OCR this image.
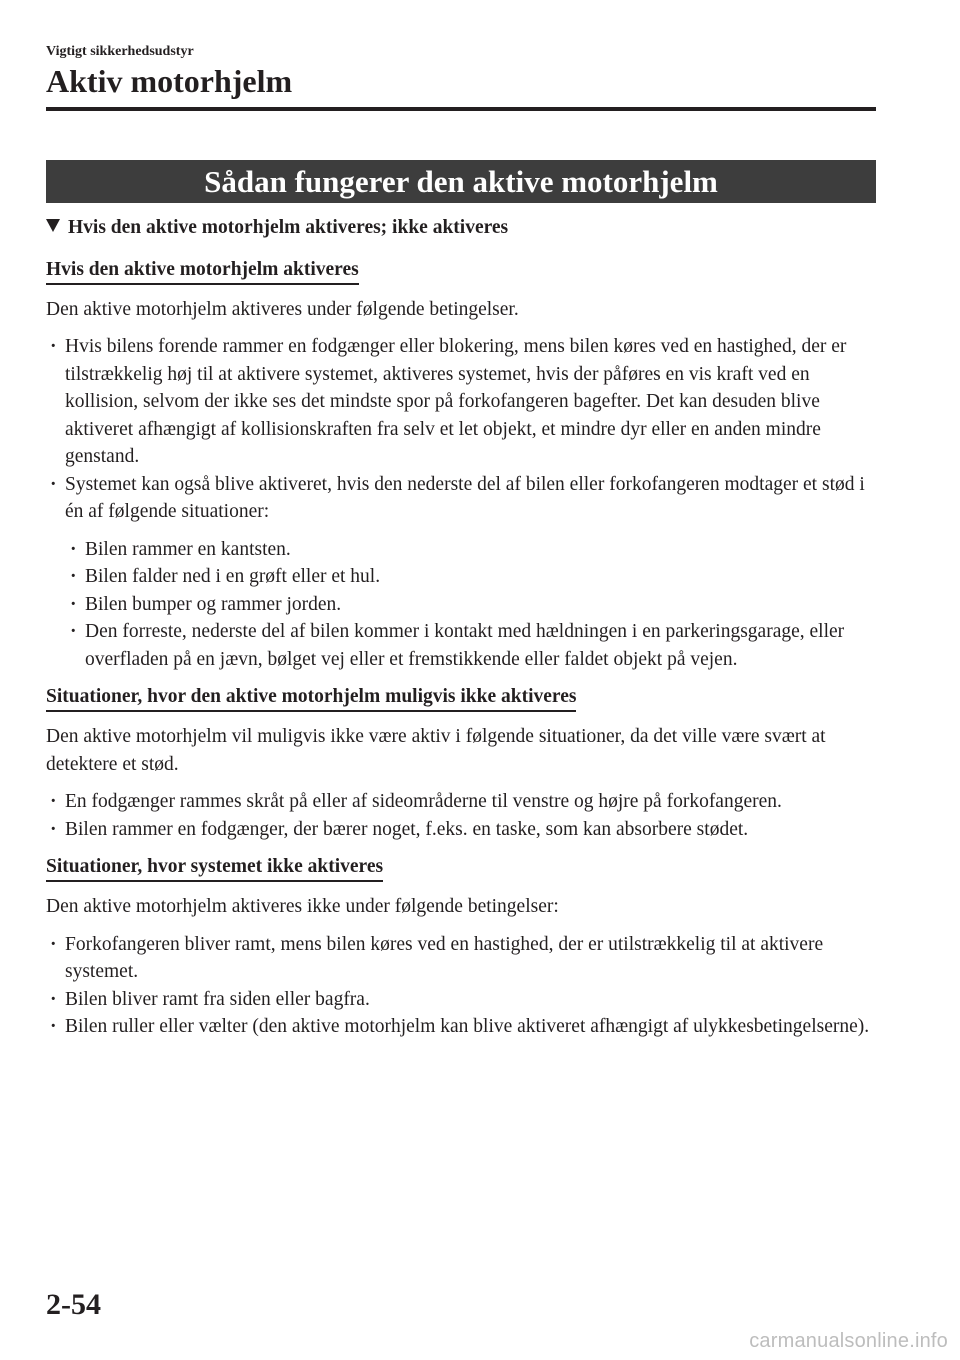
Vigtigt sikkerhedsudstyr
Aktiv motorhjelm
Sådan fungerer den aktive motorhjelm
Hvis den aktive motorhjelm aktiveres; ikke aktiveres
Hvis den aktive motorhjelm aktiveres

Den aktive motorhjelm aktiveres under følgende betingelser.

· Hvis bilens forende rammer en fodgænger eller blokering, mens bilen køres ved en hastighed, der er tilstrækkelig høj til at aktivere systemet, aktiveres systemet, hvis der påføres en vis kraft ved en kollision, selvom der ikke ses det mindste spor på forkofangeren bagefter. Det kan desuden blive aktiveret afhængigt af kollisionskraften fra selv et let objekt, et mindre dyr eller en anden mindre genstand.
· Systemet kan også blive aktiveret, hvis den nederste del af bilen eller forkofangeren modtager et stød i én af følgende situationer:
· Bilen rammer en kantsten.
· Bilen falder ned i en grøft eller et hul.
· Bilen bumper og rammer jorden.
· Den forreste, nederste del af bilen kommer i kontakt med hældningen i en parkeringsgarage, eller overfladen på en jævn, bølget vej eller et fremstikkende eller faldet objekt på vejen.
Situationer, hvor den aktive motorhjelm muligvis ikke aktiveres

Den aktive motorhjelm vil muligvis ikke være aktiv i følgende situationer, da det ville være svært at detektere et stød.

· En fodgænger rammes skråt på eller af sideområderne til venstre og højre på forkofangeren.
· Bilen rammer en fodgænger, der bærer noget, f.eks. en taske, som kan absorbere stødet.
Situationer, hvor systemet ikke aktiveres

Den aktive motorhjelm aktiveres ikke under følgende betingelser:

· Forkofangeren bliver ramt, mens bilen køres ved en hastighed, der er utilstrækkelig til at aktivere systemet.
· Bilen bliver ramt fra siden eller bagfra.
· Bilen ruller eller vælter (den aktive motorhjelm kan blive aktiveret afhængigt af ulykkesbetingelserne).
2-54
carmanualsonline.info
